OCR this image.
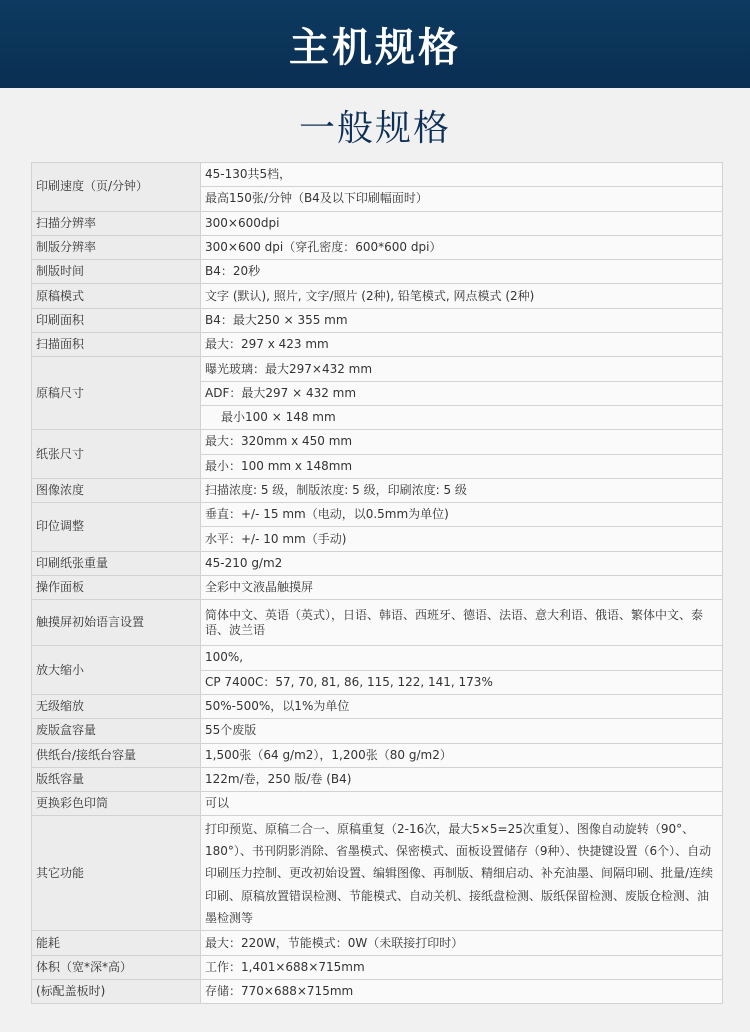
主机规格
一般规格
印刷速度（页/分钟）	45-130共5档，
	最高150张/分钟（B4及以下印刷幅面时）
扫描分辨率	300×600dpi
制版分辨率	300×600 dpi（穿孔密度：600*600 dpi）
制版时间	B4：20秒
原稿模式	文字 (默认), 照片, 文字/照片 (2种), 铅笔模式, 网点模式 (2种)
印刷面积	B4：最大250 × 355 mm
扫描面积	最大：297 x 423 mm
原稿尺寸	曝光玻璃：最大297×432 mm
	ADF：最大297 × 432 mm
	最小100 × 148 mm
纸张尺寸	最大：320mm x 450 mm
	最小：100 mm x 148mm
图像浓度	扫描浓度: 5 级，制版浓度: 5 级，印刷浓度: 5 级
印位调整	垂直：+/- 15 mm（电动，以0.5mm为单位)
	水平：+/- 10 mm（手动)
印刷纸张重量	45-210 g/m2
操作面板	全彩中文液晶触摸屏
触摸屏初始语言设置	简体中文、英语（英式），日语、韩语、西班牙、德语、法语、意大利语、俄语、繁体中文、泰语、波兰语
放大缩小	100%,
	CP 7400C：57, 70, 81, 86, 115, 122, 141, 173%
无级缩放	50%-500%，以1%为单位
废版盒容量	55个废版
供纸台/接纸台容量	1,500张（64 g/m2），1,200张（80 g/m2）
版纸容量	122m/卷，250 版/卷 (B4)
更换彩色印筒	可以
其它功能	打印预览、原稿二合一、原稿重复（2-16次，最大5×5=25次重复）、图像自动旋转（90°、180°）、书刊阴影消除、省墨模式、保密模式、面板设置储存（9种）、快捷键设置（6个）、自动印刷压力控制、更改初始设置、编辑图像、再制版、精细启动、补充油墨、间隔印刷、批量/连续印刷、原稿放置错误检测、节能模式、自动关机、接纸盘检测、版纸保留检测、废版仓检测、油墨检测等
能耗	最大：220W，节能模式：0W（未联接打印时）
体积（宽*深*高）	工作：1,401×688×715mm
(标配盖板时)	存储：770×688×715mm
